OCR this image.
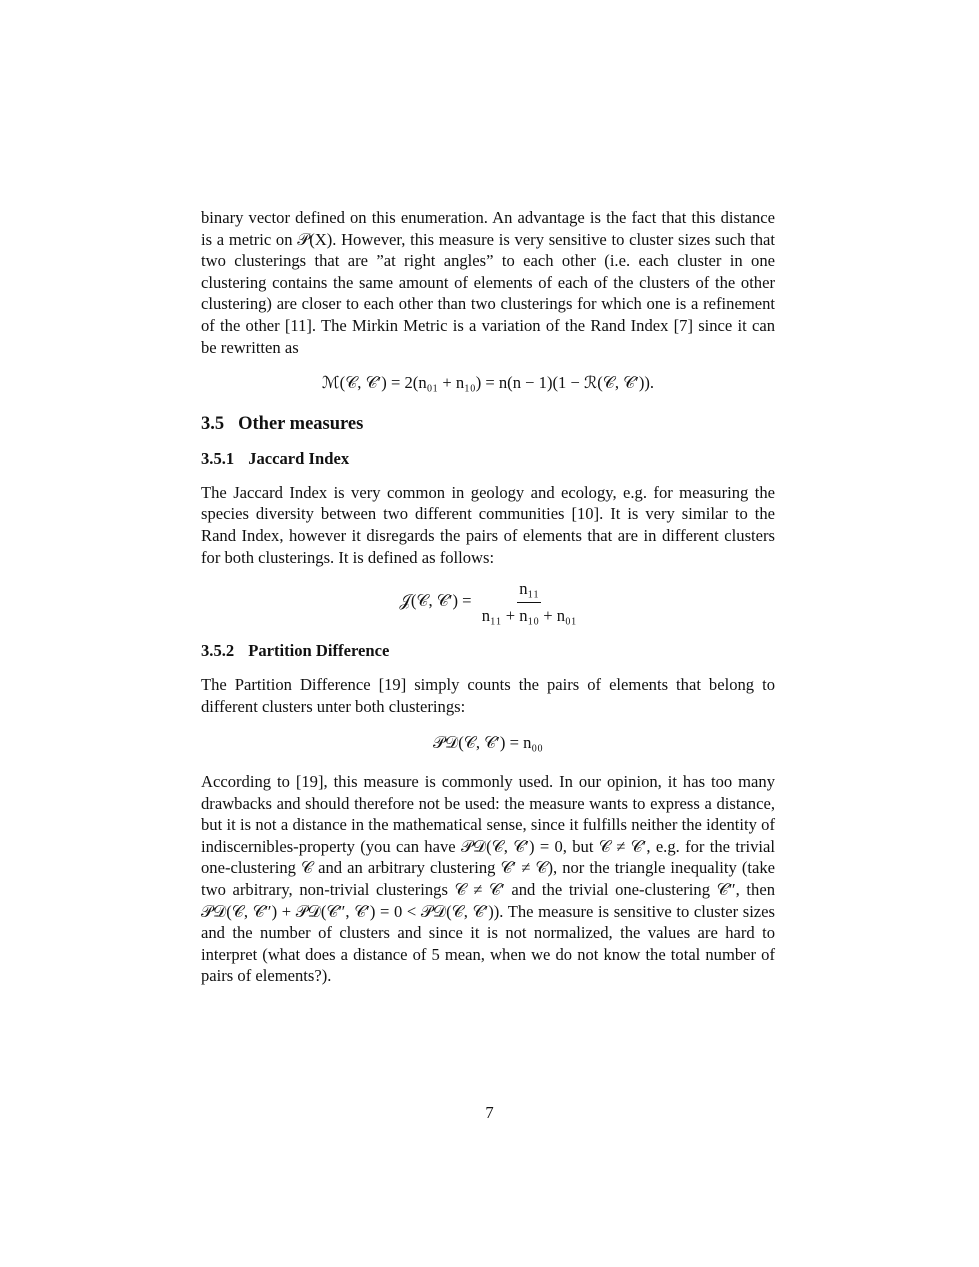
binary vector defined on this enumeration. An advantage is the fact that this distance is a metric on 𝒫(X). However, this measure is very sensitive to cluster sizes such that two clusterings that are ”at right angles” to each other (i.e. each cluster in one clustering contains the same amount of elements of each of the clusters of the other clustering) are closer to each other than two clusterings for which one is a refinement of the other [11]. The Mirkin Metric is a variation of the Rand Index [7] since it can be rewritten as

ℳ(𝒞, 𝒞′) = 2(n₀₁ + n₁₀) = n(n − 1)(1 − ℛ(𝒞, 𝒞′)).
3.5 Other measures
3.5.1 Jaccard Index

The Jaccard Index is very common in geology and ecology, e.g. for measuring the species diversity between two different communities [10]. It is very similar to the Rand Index, however it disregards the pairs of elements that are in different clusters for both clusterings. It is defined as follows:

𝒥(𝒞, 𝒞′) = $\frac{\text{n₁₁}}{\text{n₁₁ + n₁₀ + n₀₁}}$
3.5.2 Partition Difference

The Partition Difference [19] simply counts the pairs of elements that belong to different clusters unter both clusterings:

𝒫𝒟(𝒞, 𝒞′) = n₀₀

According to [19], this measure is commonly used. In our opinion, it has too many drawbacks and should therefore not be used: the measure wants to express a distance, but it is not a distance in the mathematical sense, since it fulfills neither the identity of indiscernibles-property (you can have 𝒫𝒟(𝒞, 𝒞′) = 0, but 𝒞 ≠ 𝒞′, e.g. for the trivial one-clustering 𝒞 and an arbitrary clustering 𝒞′ ≠ 𝒞), nor the triangle inequality (take two arbitrary, non-trivial clusterings 𝒞 ≠ 𝒞′ and the trivial one-clustering 𝒞″, then 𝒫𝒟(𝒞, 𝒞″) + 𝒫𝒟(𝒞″, 𝒞′) = 0 < 𝒫𝒟(𝒞, 𝒞′)). The measure is sensitive to cluster sizes and the number of clusters and since it is not normalized, the values are hard to interpret (what does a distance of 5 mean, when we do not know the total number of pairs of elements?).

7
